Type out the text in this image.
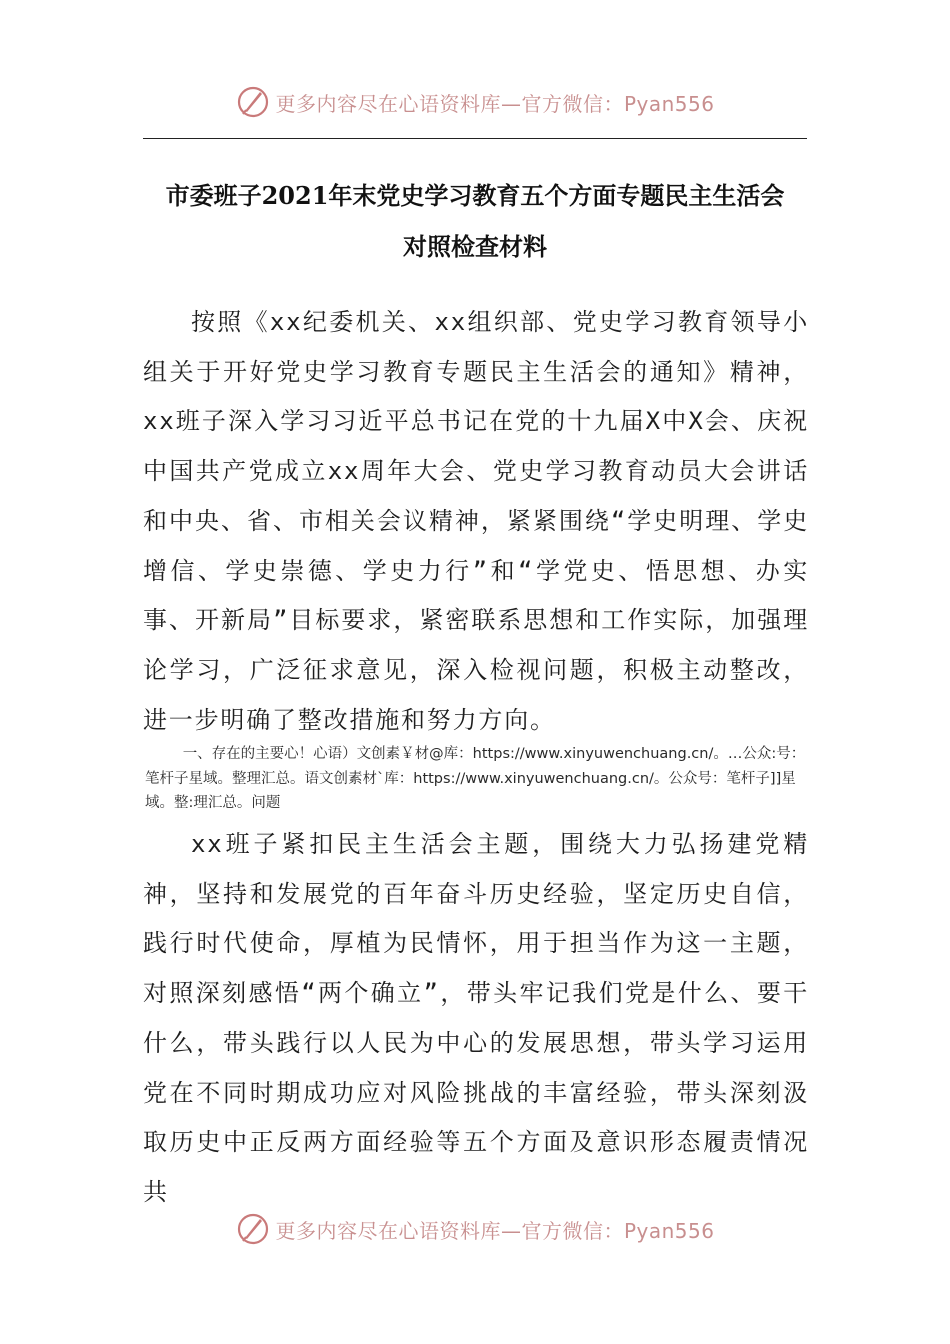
更多内容尽在心语资料库—官方微信：Pyan556
市委班子2021年末党史学习教育五个方面专题民主生活会
对照检查材料

按照《xx纪委机关、xx组织部、党史学习教育领导小组关于开好党史学习教育专题民主生活会的通知》精神，xx班子深入学习习近平总书记在党的十九届X中X会、庆祝中国共产党成立xx周年大会、党史学习教育动员大会讲话和中央、省、市相关会议精神，紧紧围绕“学史明理、学史增信、学史崇德、学史力行”和“学党史、悟思想、办实事、开新局”目标要求，紧密联系思想和工作实际，加强理论学习，广泛征求意见，深入检视问题，积极主动整改，进一步明确了整改措施和努力方向。

一、存在的主要心！心语）文创素￥材@库：https://www.xinyuwenchuang.cn/。…公众:号：笔杆子星域。整理汇总。语文创素材`库：https://www.xinyuwenchuang.cn/。公众号：笔杆子]]星域。整:理汇总。问题

xx班子紧扣民主生活会主题，围绕大力弘扬建党精神，坚持和发展党的百年奋斗历史经验，坚定历史自信，践行时代使命，厚植为民情怀，用于担当作为这一主题，对照深刻感悟“两个确立”，带头牢记我们党是什么、要干什么，带头践行以人民为中心的发展思想，带头学习运用党在不同时期成功应对风险挑战的丰富经验，带头深刻汲取历史中正反两方面经验等五个方面及意识形态履责情况共

更多内容尽在心语资料库—官方微信：Pyan556
